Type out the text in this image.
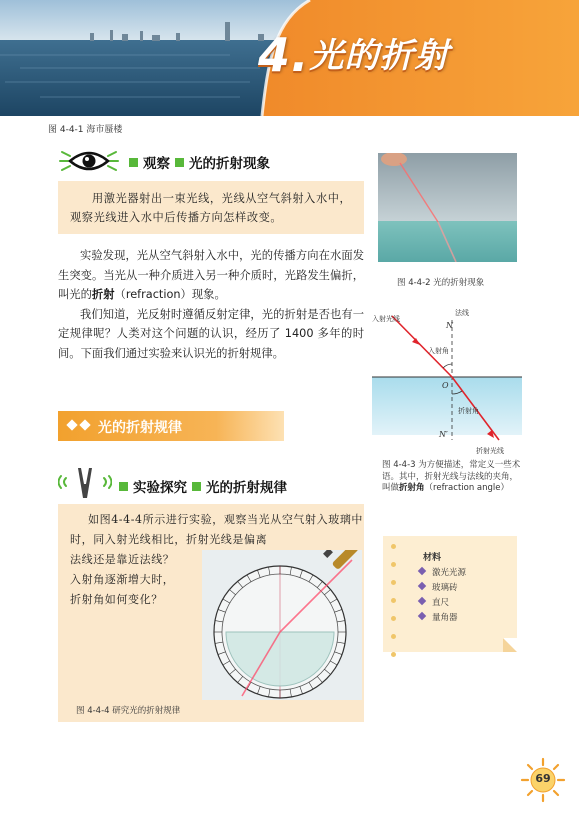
4.光的折射
图 4-4-1 海市蜃楼
观察 光的折射现象

用激光器射出一束光线，光线从空气斜射入水中，观察光线进入水中后传播方向怎样改变。

实验发现，光从空气斜射入水中，光的传播方向在水面发生突变。当光从一种介质进入另一种介质时，光路发生偏折，叫光的折射（refraction）现象。

我们知道，光反射时遵循反射定律，光的折射是否也有一定规律呢？人类对这个问题的认识，经历了 1400 多年的时间。下面我们通过实验来认识光的折射规律。

光的折射规律
实验探究 光的折射规律
如图4-4-4所示进行实验，观察当光从空气射入玻璃中时，同入射光线相比，折射光线是偏离
法线还是靠近法线？
入射角逐渐增大时，
折射角如何变化？
图 4-4-4 研究光的折射规律
图 4-4-2 光的折射现象
法线
N
入射光线
入射角
O
折射角
N′
折射光线
图 4-4-3 为方便描述，常定义一些术语。其中，折射光线与法线的夹角，叫做折射角（refraction angle）
材料
激光光源
玻璃砖
直尺
量角器
69
